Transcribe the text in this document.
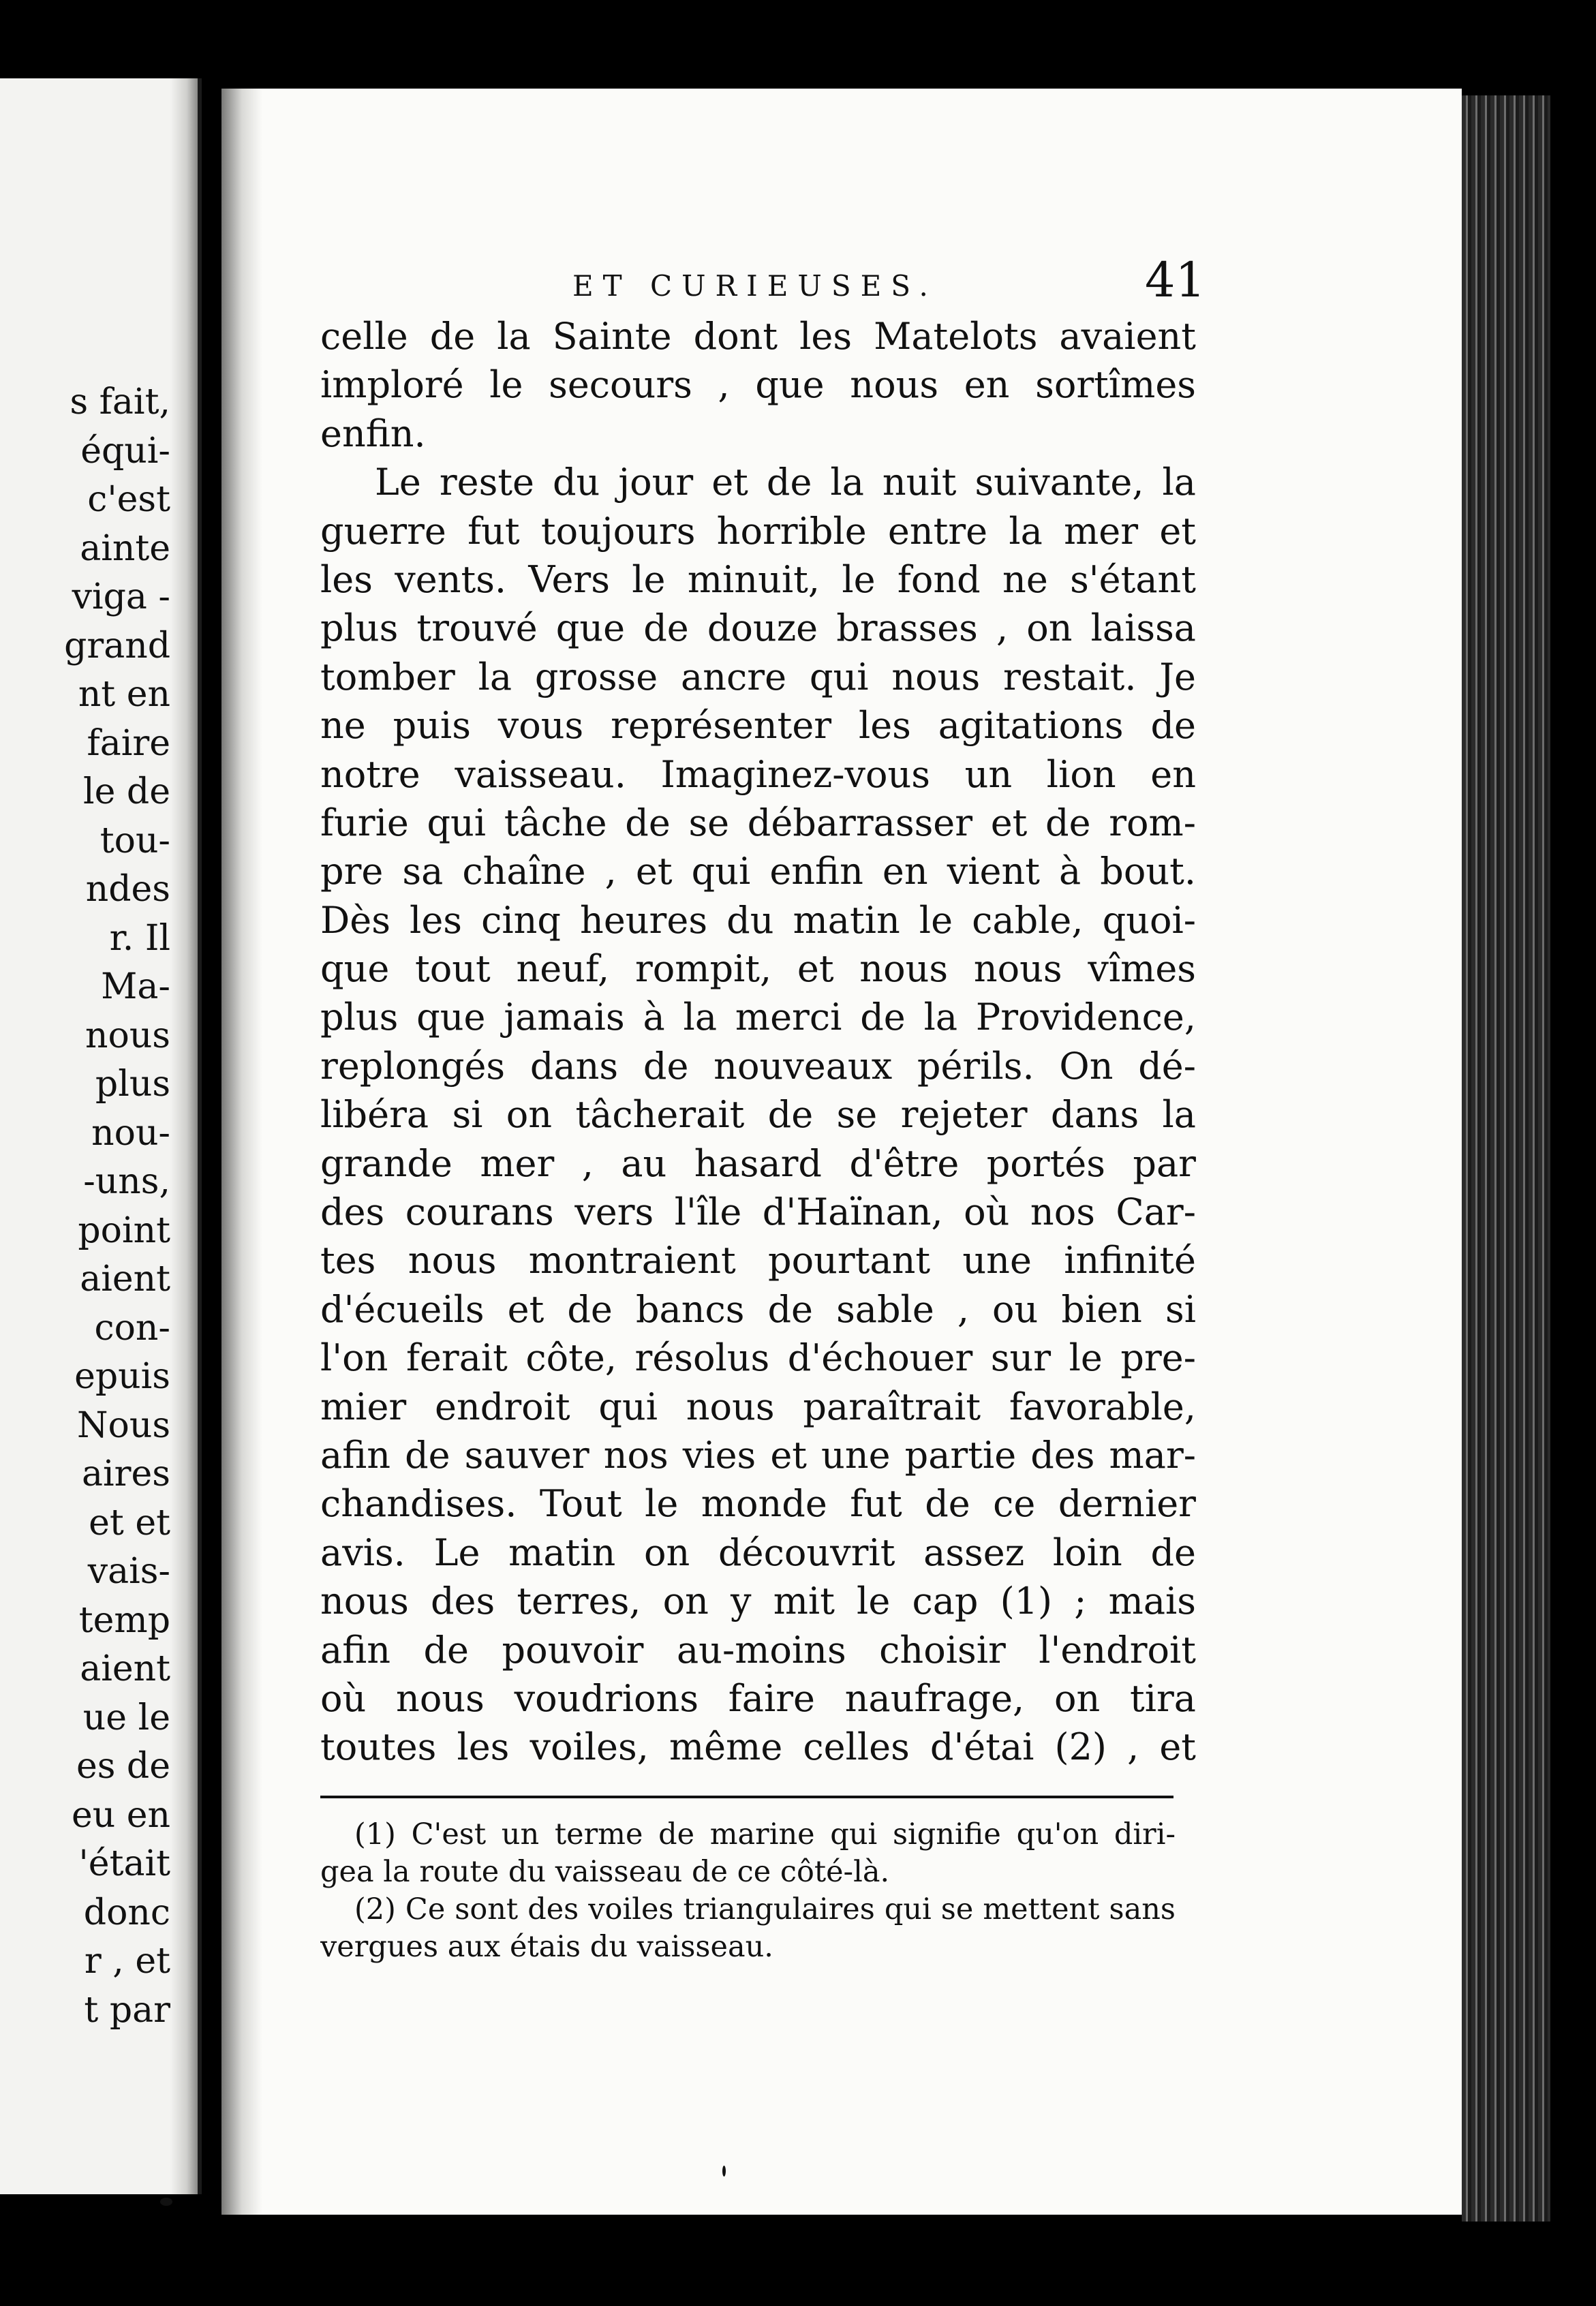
s fait,
équi-
c'est
ainte
viga -
grand
nt en
faire
le de
tou-
ndes
r. Il
Ma-
nous
plus
nou-
-uns,
point
aient
con-
epuis
Nous
aires
et et
vais-
temp
aient
ue le
es de
eu en
'était
donc
r , et
t par
ET CURIEUSES.	41
celle de la Sainte dont les Matelots avaient
imploré le secours , que nous en sortîmes
enfin.
Le reste du jour et de la nuit suivante, la
guerre fut toujours horrible entre la mer et
les vents. Vers le minuit, le fond ne s'étant
plus trouvé que de douze brasses , on laissa
tomber la grosse ancre qui nous restait. Je
ne puis vous représenter les agitations de
notre vaisseau. Imaginez-vous un lion en
furie qui tâche de se débarrasser et de rom-
pre sa chaîne , et qui enfin en vient à bout.
Dès les cinq heures du matin le cable, quoi-
que tout neuf, rompit, et nous nous vîmes
plus que jamais à la merci de la Providence,
replongés dans de nouveaux périls. On dé-
libéra si on tâcherait de se rejeter dans la
grande mer , au hasard d'être portés par
des courans vers l'île d'Haïnan, où nos Car-
tes nous montraient pourtant une infinité
d'écueils et de bancs de sable , ou bien si
l'on ferait côte, résolus d'échouer sur le pre-
mier endroit qui nous paraîtrait favorable,
afin de sauver nos vies et une partie des mar-
chandises. Tout le monde fut de ce dernier
avis. Le matin on découvrit assez loin de
nous des terres, on y mit le cap (1) ; mais
afin de pouvoir au-moins choisir l'endroit
où nous voudrions faire naufrage, on tira
toutes les voiles, même celles d'étai (2) , et
(1) C'est un terme de marine qui signifie qu'on diri-
gea la route du vaisseau de ce côté-là.
(2) Ce sont des voiles triangulaires qui se mettent sans
vergues aux étais du vaisseau.
